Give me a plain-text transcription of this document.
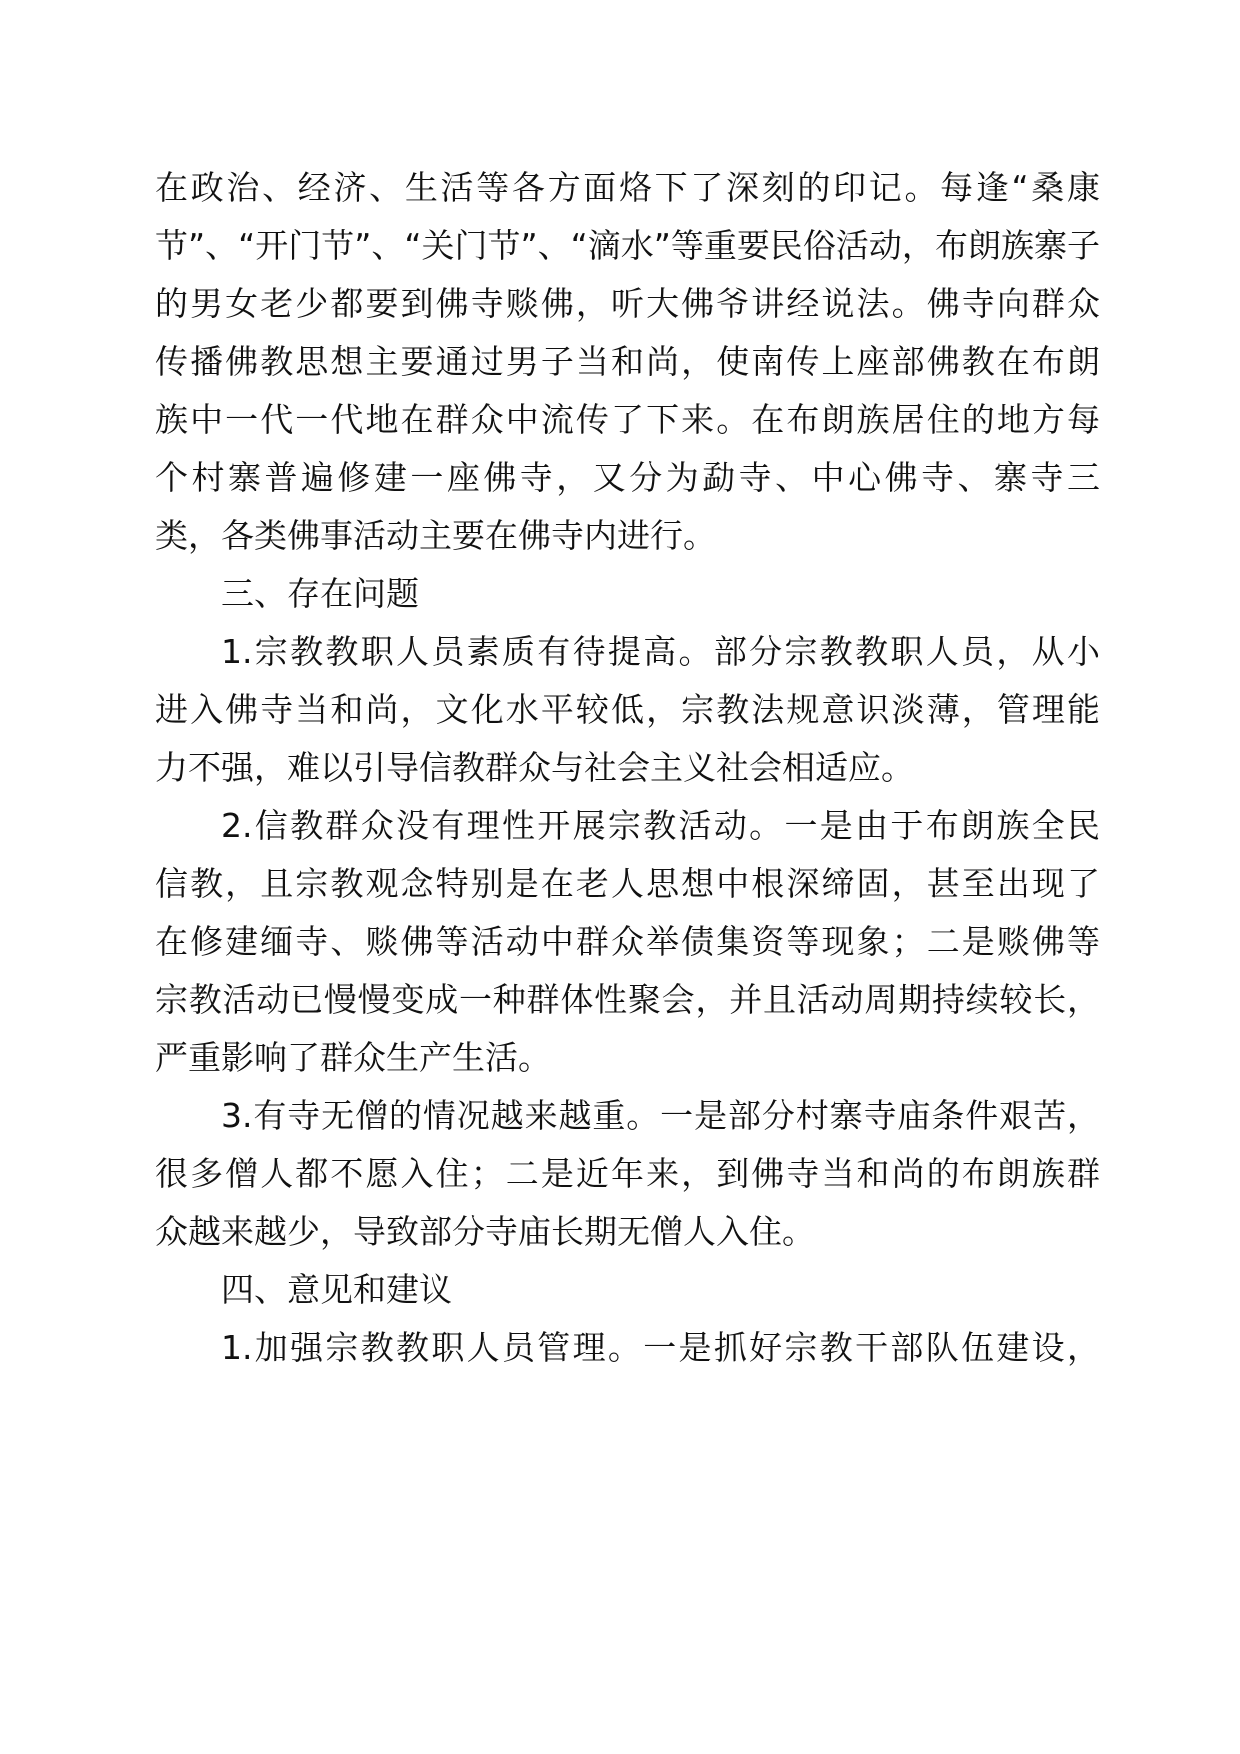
在政治、经济、生活等各方面烙下了深刻的印记。每逢“桑康

节”、“开门节”、“关门节”、“滴水”等重要民俗活动，布朗族寨子

的男女老少都要到佛寺赕佛，听大佛爷讲经说法。佛寺向群众

传播佛教思想主要通过男子当和尚，使南传上座部佛教在布朗

族中一代一代地在群众中流传了下来。在布朗族居住的地方每

个村寨普遍修建一座佛寺，又分为勐寺、中心佛寺、寨寺三

类，各类佛事活动主要在佛寺内进行。

三、存在问题

1.宗教教职人员素质有待提高。部分宗教教职人员，从小

进入佛寺当和尚，文化水平较低，宗教法规意识淡薄，管理能

力不强，难以引导信教群众与社会主义社会相适应。

2.信教群众没有理性开展宗教活动。一是由于布朗族全民

信教，且宗教观念特别是在老人思想中根深缔固，甚至出现了

在修建缅寺、赕佛等活动中群众举债集资等现象；二是赕佛等

宗教活动已慢慢变成一种群体性聚会，并且活动周期持续较长，

严重影响了群众生产生活。

3.有寺无僧的情况越来越重。一是部分村寨寺庙条件艰苦，

很多僧人都不愿入住；二是近年来，到佛寺当和尚的布朗族群

众越来越少，导致部分寺庙长期无僧人入住。

四、意见和建议

1.加强宗教教职人员管理。一是抓好宗教干部队伍建设，
